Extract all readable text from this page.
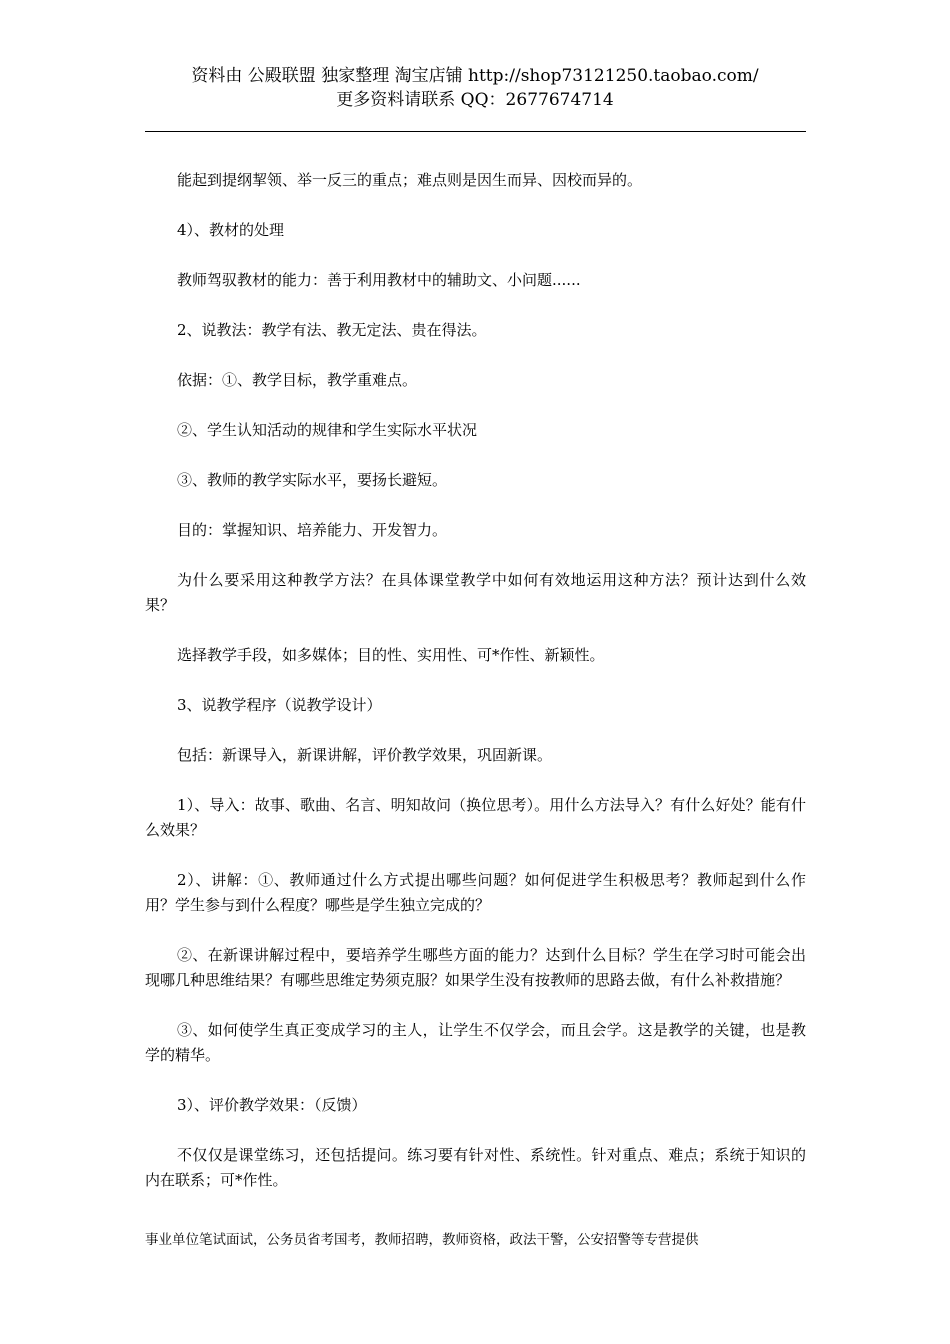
资料由 公殿联盟 独家整理 淘宝店铺 http://shop73121250.taobao.com/
更多资料请联系 QQ：2677674714

能起到提纲挈领、举一反三的重点；难点则是因生而异、因校而异的。

4）、教材的处理

教师驾驭教材的能力：善于利用教材中的辅助文、小问题......

2、说教法：教学有法、教无定法、贵在得法。

依据：①、教学目标，教学重难点。

②、学生认知活动的规律和学生实际水平状况

③、教师的教学实际水平，要扬长避短。

目的：掌握知识、培养能力、开发智力。

为什么要采用这种教学方法？在具体课堂教学中如何有效地运用这种方法？预计达到什么效果？

选择教学手段，如多媒体；目的性、实用性、可*作性、新颖性。

3、说教学程序（说教学设计）

包括：新课导入，新课讲解，评价教学效果，巩固新课。

1）、导入：故事、歌曲、名言、明知故问（换位思考）。用什么方法导入？有什么好处？能有什么效果？

2）、讲解：①、教师通过什么方式提出哪些问题？如何促进学生积极思考？教师起到什么作用？学生参与到什么程度？哪些是学生独立完成的？

②、在新课讲解过程中，要培养学生哪些方面的能力？达到什么目标？学生在学习时可能会出现哪几种思维结果？有哪些思维定势须克服？如果学生没有按教师的思路去做，有什么补救措施？

③、如何使学生真正变成学习的主人，让学生不仅学会，而且会学。这是教学的关键，也是教学的精华。

3）、评价教学效果：（反馈）

不仅仅是课堂练习，还包括提问。练习要有针对性、系统性。针对重点、难点；系统于知识的内在联系；可*作性。

事业单位笔试面试，公务员省考国考，教师招聘，教师资格，政法干警，公安招警等专营提供
